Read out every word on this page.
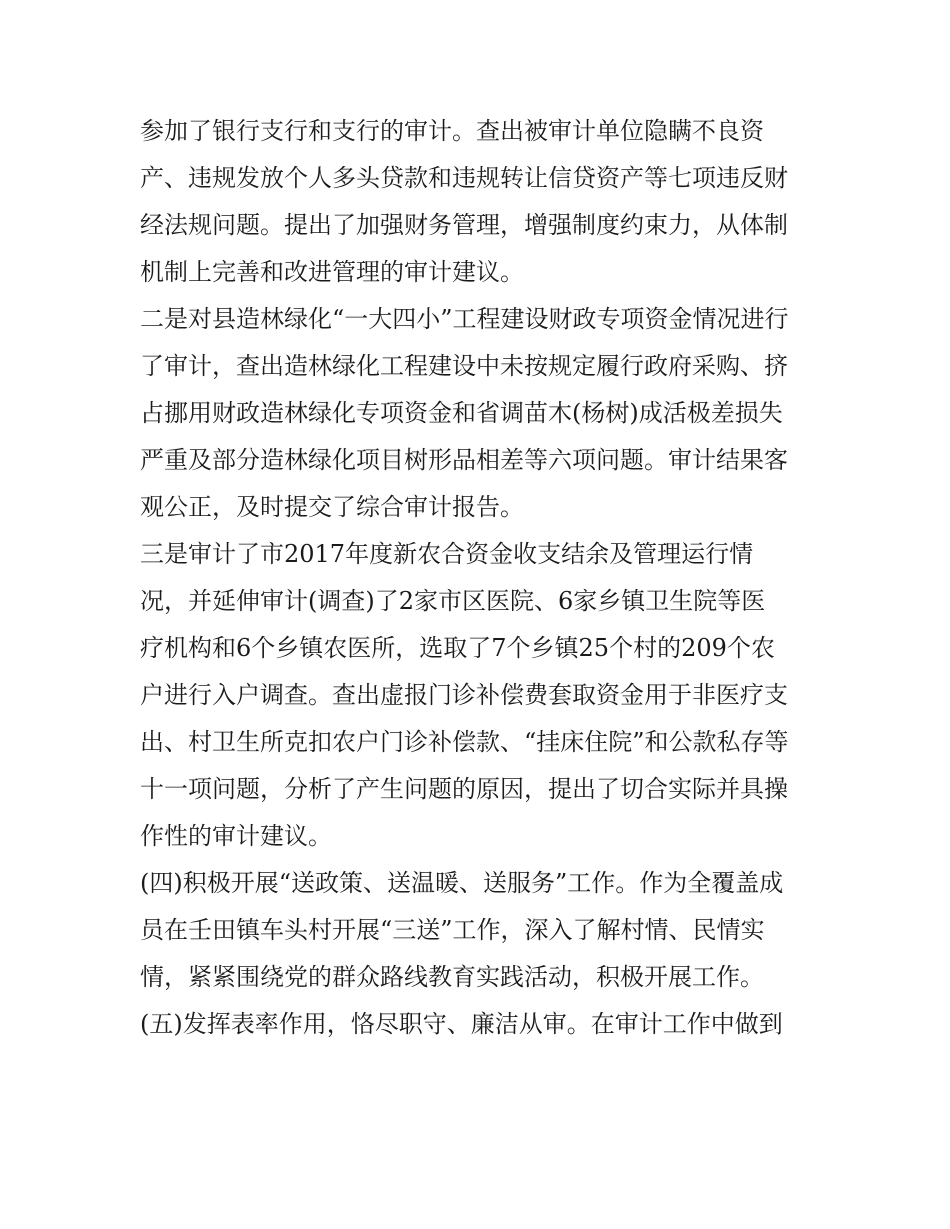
参加了银行支行和支行的审计。查出被审计单位隐瞒不良资
产、违规发放个人多头贷款和违规转让信贷资产等七项违反财
经法规问题。提出了加强财务管理，增强制度约束力，从体制
机制上完善和改进管理的审计建议。
二是对县造林绿化“一大四小”工程建设财政专项资金情况进行
了审计，查出造林绿化工程建设中未按规定履行政府采购、挤
占挪用财政造林绿化专项资金和省调苗木(杨树)成活极差损失
严重及部分造林绿化项目树形品相差等六项问题。审计结果客
观公正，及时提交了综合审计报告。
三是审计了市2017年度新农合资金收支结余及管理运行情
况，并延伸审计(调查)了2家市区医院、6家乡镇卫生院等医
疗机构和6个乡镇农医所，选取了7个乡镇25个村的209个农
户进行入户调查。查出虚报门诊补偿费套取资金用于非医疗支
出、村卫生所克扣农户门诊补偿款、“挂床住院”和公款私存等
十一项问题，分析了产生问题的原因，提出了切合实际并具操
作性的审计建议。
(四)积极开展“送政策、送温暖、送服务”工作。作为全覆盖成
员在壬田镇车头村开展“三送”工作，深入了解村情、民情实
情，紧紧围绕党的群众路线教育实践活动，积极开展工作。
(五)发挥表率作用，恪尽职守、廉洁从审。在审计工作中做到
